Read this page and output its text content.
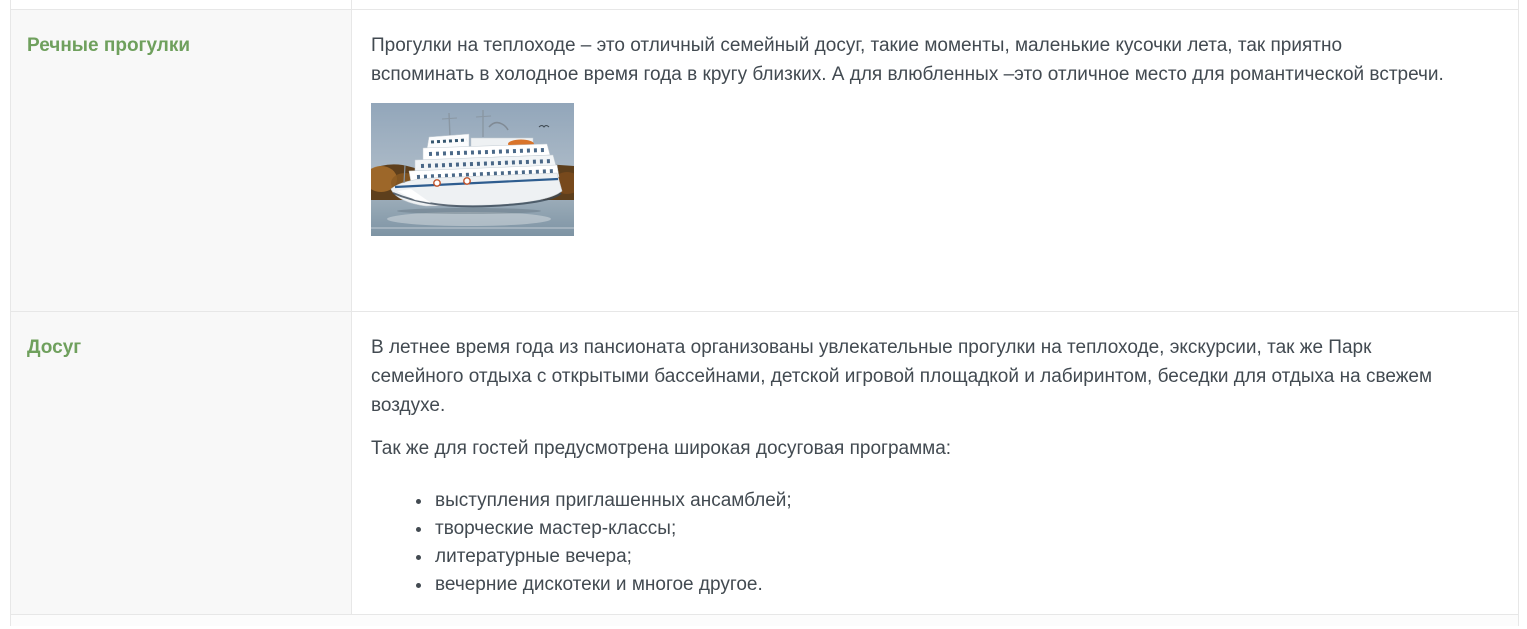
Речные прогулки	Прогулки на теплоходе – это отличный семейный досуг, такие моменты, маленькие кусочки лета, так приятно вспоминать в холодное время года в кругу близких. А для влюбленных –это отличное место для романтической встречи.

Досуг	В летнее время года из пансионата организованы увлекательные прогулки на теплоходе, экскурсии, так же Парк семейного отдыха с открытыми бассейнами, детской игровой площадкой и лабиринтом, беседки для отдыха на свежем воздухе.

Так же для гостей предусмотрена широкая досуговая программа:

• выступления приглашенных ансамблей;
• творческие мастер-классы;
• литературные вечера;
• вечерние дискотеки и многое другое.
